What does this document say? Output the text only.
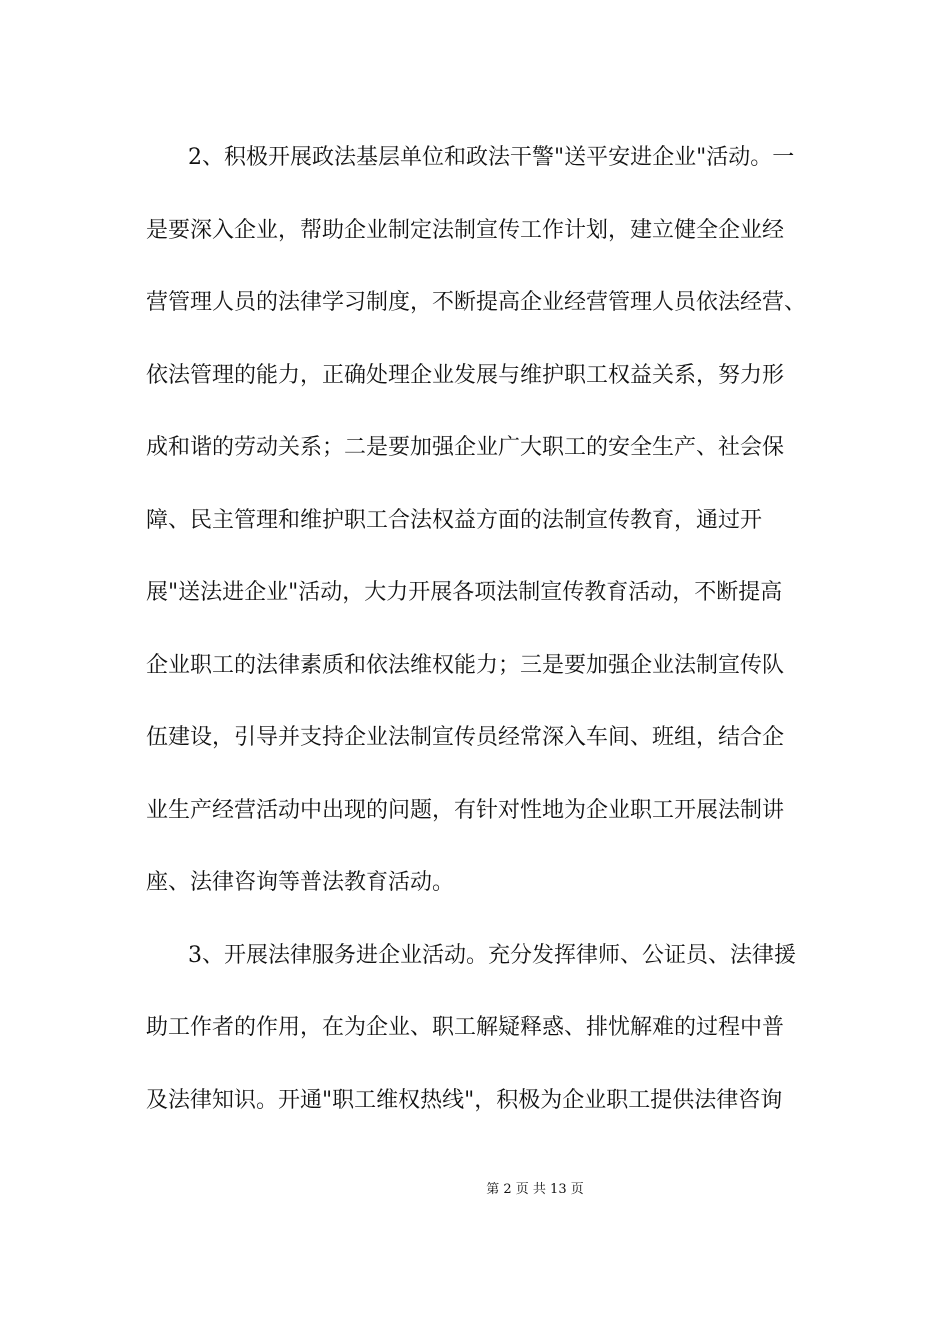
2、积极开展政法基层单位和政法干警"送平安进企业"活动。一
是要深入企业，帮助企业制定法制宣传工作计划，建立健全企业经
营管理人员的法律学习制度，不断提高企业经营管理人员依法经营、
依法管理的能力，正确处理企业发展与维护职工权益关系，努力形
成和谐的劳动关系；二是要加强企业广大职工的安全生产、社会保
障、民主管理和维护职工合法权益方面的法制宣传教育，通过开
展"送法进企业"活动，大力开展各项法制宣传教育活动，不断提高
企业职工的法律素质和依法维权能力；三是要加强企业法制宣传队
伍建设，引导并支持企业法制宣传员经常深入车间、班组，结合企
业生产经营活动中出现的问题，有针对性地为企业职工开展法制讲
座、法律咨询等普法教育活动。
3、开展法律服务进企业活动。充分发挥律师、公证员、法律援
助工作者的作用，在为企业、职工解疑释惑、排忧解难的过程中普
及法律知识。开通"职工维权热线"，积极为企业职工提供法律咨询
第 2 页 共 13 页
